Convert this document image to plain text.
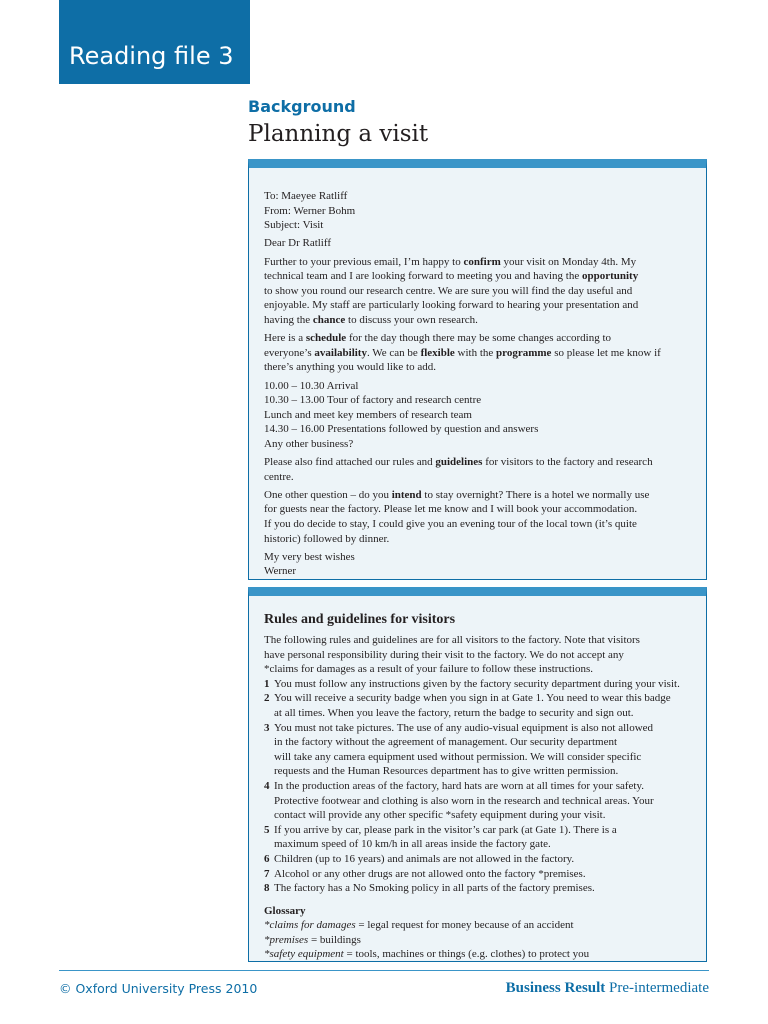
Reading file 3
Background
Planning a visit
To: Maeyee Ratliff
From: Werner Bohm
Subject: Visit
Dear Dr Ratliff
Further to your previous email, I’m happy to confirm your visit on Monday 4th. My
technical team and I are looking forward to meeting you and having the opportunity
to show you round our research centre. We are sure you will find the day useful and
enjoyable. My staff are particularly looking forward to hearing your presentation and
having the chance to discuss your own research.
Here is a schedule for the day though there may be some changes according to
everyone’s availability. We can be flexible with the programme so please let me know if
there’s anything you would like to add.
10.00 – 10.30 Arrival
10.30 – 13.00 Tour of factory and research centre
Lunch and meet key members of research team
14.30 – 16.00 Presentations followed by question and answers
Any other business?
Please also find attached our rules and guidelines for visitors to the factory and research
centre.
One other question – do you intend to stay overnight? There is a hotel we normally use
for guests near the factory. Please let me know and I will book your accommodation.
If you do decide to stay, I could give you an evening tour of the local town (it’s quite
historic) followed by dinner.
My very best wishes
Werner
Rules and guidelines for visitors
The following rules and guidelines are for all visitors to the factory. Note that visitors
have personal responsibility during their visit to the factory. We do not accept any
*claims for damages as a result of your failure to follow these instructions.
1 You must follow any instructions given by the factory security department during your visit.
2 You will receive a security badge when you sign in at Gate 1. You need to wear this badge
at all times. When you leave the factory, return the badge to security and sign out.
3 You must not take pictures. The use of any audio-visual equipment is also not allowed
in the factory without the agreement of management. Our security department
will take any camera equipment used without permission. We will consider specific
requests and the Human Resources department has to give written permission.
4 In the production areas of the factory, hard hats are worn at all times for your safety.
Protective footwear and clothing is also worn in the research and technical areas. Your
contact will provide any other specific *safety equipment during your visit.
5 If you arrive by car, please park in the visitor’s car park (at Gate 1). There is a
maximum speed of 10 km/h in all areas inside the factory gate.
6 Children (up to 16 years) and animals are not allowed in the factory.
7 Alcohol or any other drugs are not allowed onto the factory *premises.
8 The factory has a No Smoking policy in all parts of the factory premises.
Glossary
*claims for damages = legal request for money because of an accident
*premises = buildings
*safety equipment = tools, machines or things (e.g. clothes) to protect you
© Oxford University Press 2010	Business Result Pre-intermediate
